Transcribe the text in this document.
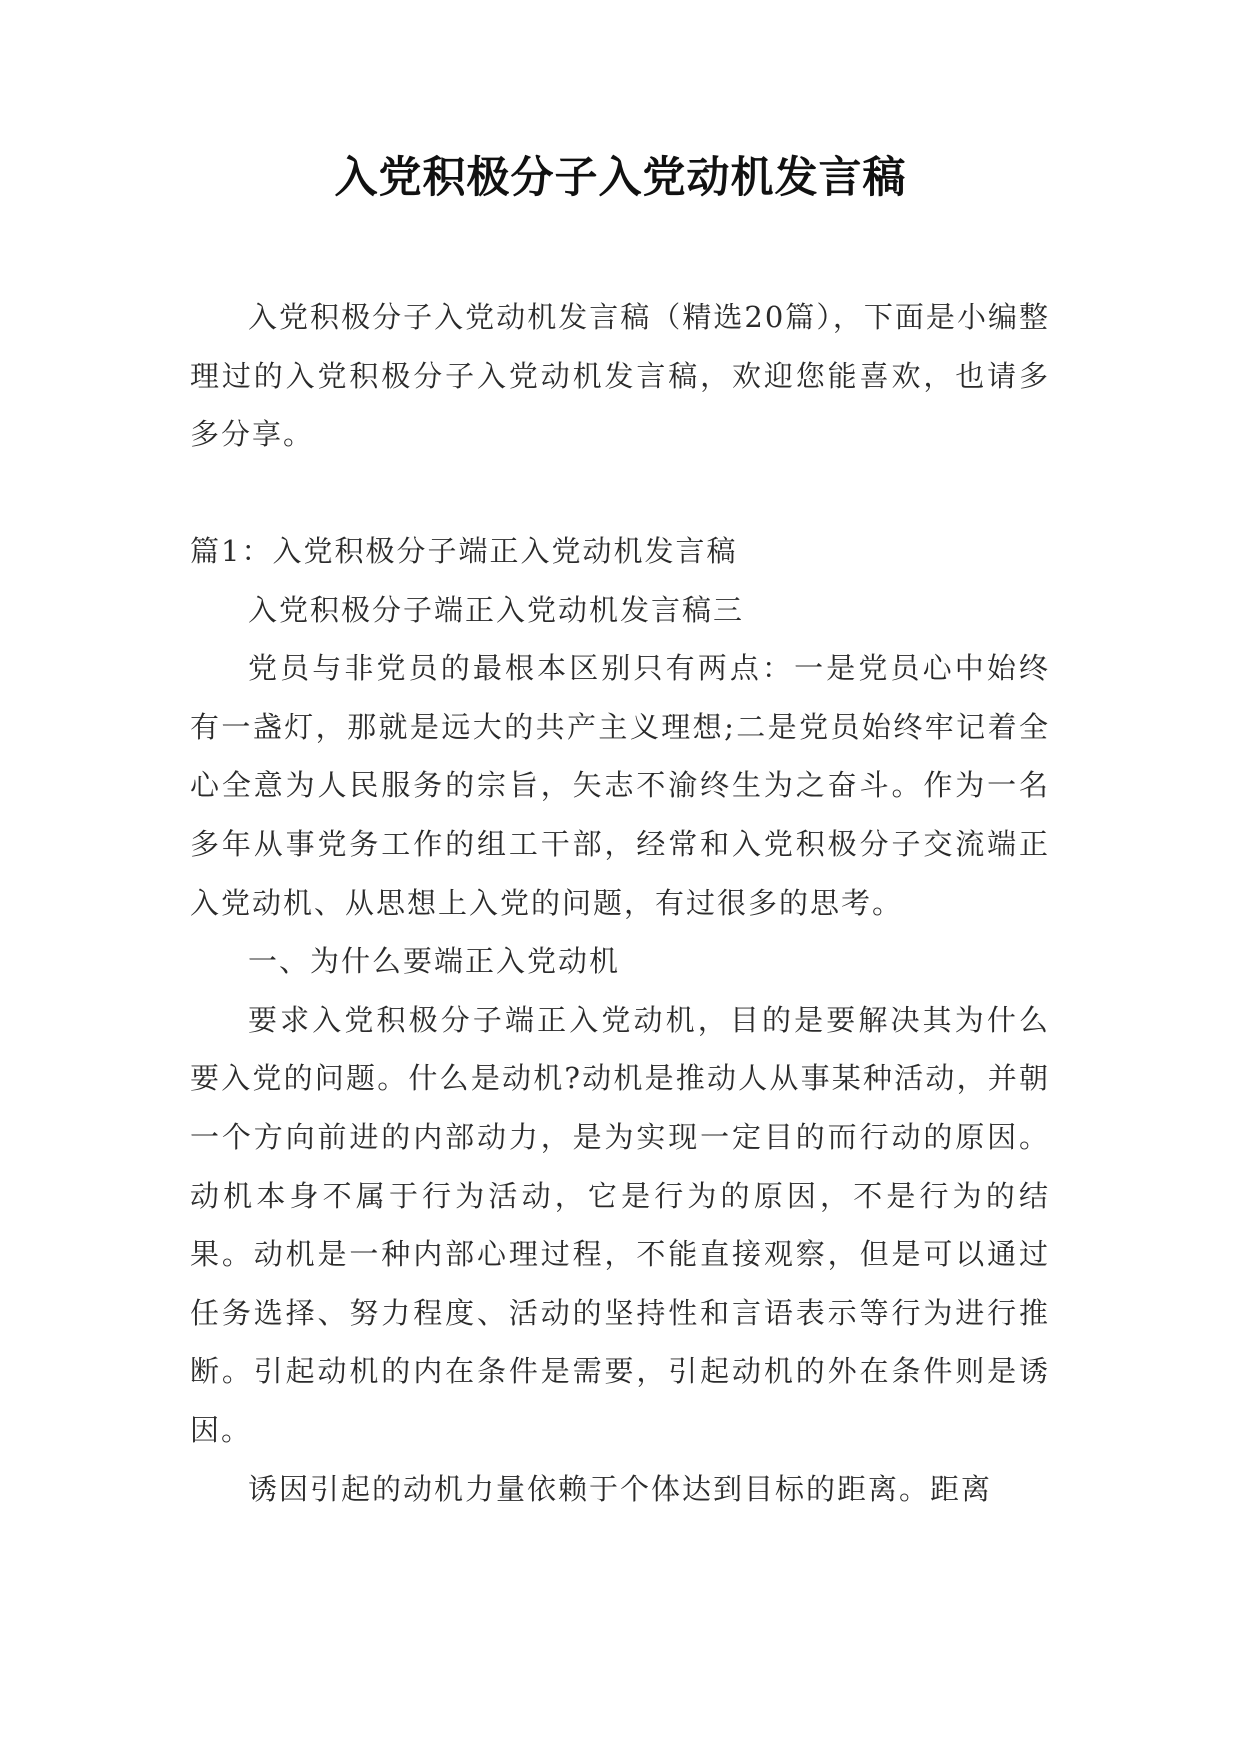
入党积极分子入党动机发言稿

入党积极分子入党动机发言稿（精选20篇），下面是小编整理过的入党积极分子入党动机发言稿，欢迎您能喜欢，也请多多分享。

篇1：入党积极分子端正入党动机发言稿

入党积极分子端正入党动机发言稿三

党员与非党员的最根本区别只有两点：一是党员心中始终有一盏灯，那就是远大的共产主义理想;二是党员始终牢记着全心全意为人民服务的宗旨，矢志不渝终生为之奋斗。作为一名多年从事党务工作的组工干部，经常和入党积极分子交流端正入党动机、从思想上入党的问题，有过很多的思考。

一、为什么要端正入党动机

要求入党积极分子端正入党动机，目的是要解决其为什么要入党的问题。什么是动机?动机是推动人从事某种活动，并朝一个方向前进的内部动力，是为实现一定目的而行动的原因。动机本身不属于行为活动，它是行为的原因，不是行为的结果。动机是一种内部心理过程，不能直接观察，但是可以通过任务选择、努力程度、活动的坚持性和言语表示等行为进行推断。引起动机的内在条件是需要，引起动机的外在条件则是诱因。

诱因引起的动机力量依赖于个体达到目标的距离。距离
